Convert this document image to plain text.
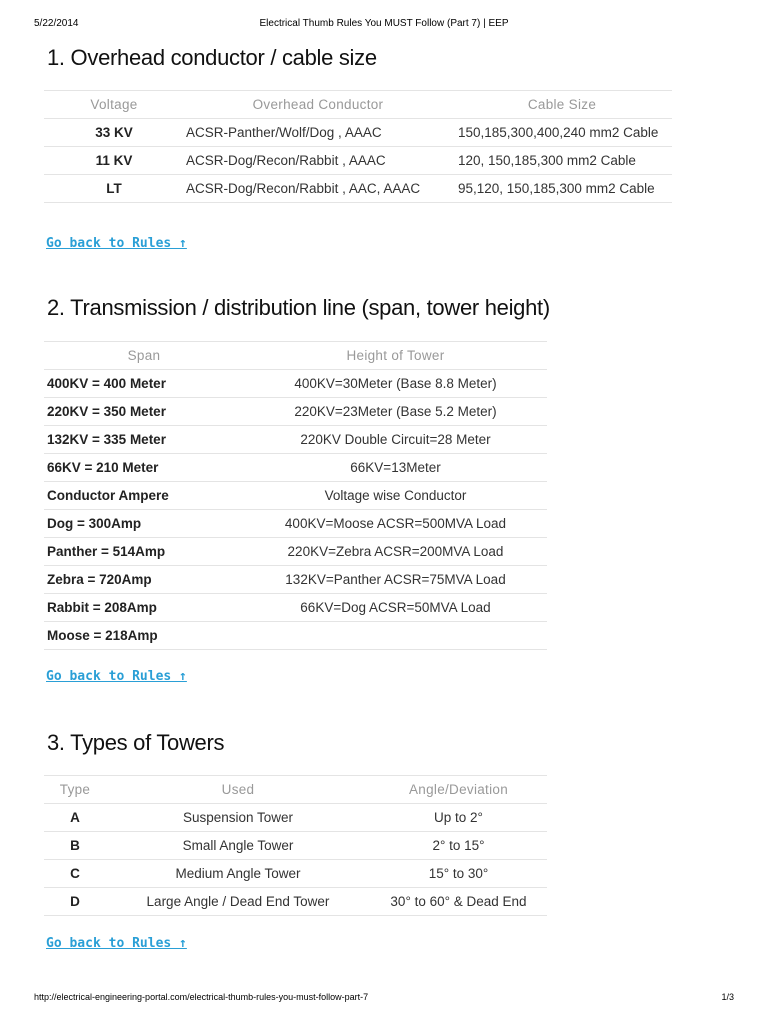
5/22/2014	Electrical Thumb Rules You MUST Follow (Part 7) | EEP
1. Overhead conductor / cable size
Voltage	Overhead Conductor	Cable Size
33 KV	ACSR-Panther/Wolf/Dog , AAAC	150,185,300,400,240 mm2 Cable
11 KV	ACSR-Dog/Recon/Rabbit , AAAC	120, 150,185,300 mm2 Cable
LT	ACSR-Dog/Recon/Rabbit , AAC, AAAC	95,120, 150,185,300 mm2 Cable
Go back to Rules ↑
2. Transmission / distribution line (span, tower height)
Span	Height of Tower
400KV = 400 Meter	400KV=30Meter (Base 8.8 Meter)
220KV = 350 Meter	220KV=23Meter (Base 5.2 Meter)
132KV = 335 Meter	220KV Double Circuit=28 Meter
66KV = 210 Meter	66KV=13Meter
Conductor Ampere	Voltage wise Conductor
Dog = 300Amp	400KV=Moose ACSR=500MVA Load
Panther = 514Amp	220KV=Zebra ACSR=200MVA Load
Zebra = 720Amp	132KV=Panther ACSR=75MVA Load
Rabbit = 208Amp	66KV=Dog ACSR=50MVA Load
Moose = 218Amp	
Go back to Rules ↑
3. Types of Towers
Type	Used	Angle/Deviation
A	Suspension Tower	Up to 2°
B	Small Angle Tower	2° to 15°
C	Medium Angle Tower	15° to 30°
D	Large Angle / Dead End Tower	30° to 60° & Dead End
Go back to Rules ↑
http://electrical-engineering-portal.com/electrical-thumb-rules-you-must-follow-part-7	1/3
